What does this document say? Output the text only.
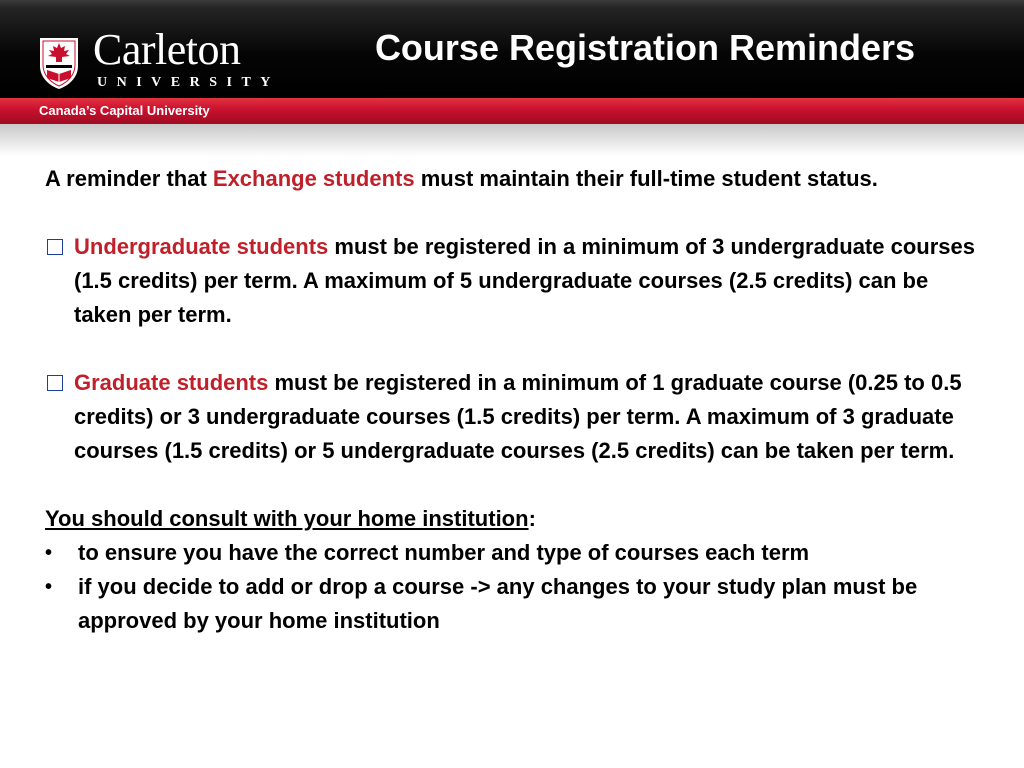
Carleton
UNIVERSITY
Course Registration Reminders
Canada’s Capital University

A reminder that Exchange students must maintain their full-time student status.

Undergraduate students must be registered in a minimum of 3 undergraduate courses (1.5 credits) per term. A maximum of 5 undergraduate courses (2.5 credits) can be taken per term.
Graduate students must be registered in a minimum of 1 graduate course (0.25 to 0.5 credits) or 3 undergraduate courses (1.5 credits) per term. A maximum of 3 graduate courses (1.5 credits) or 5 undergraduate courses (2.5 credits) can be taken per term.

You should consult with your home institution:

• to ensure you have the correct number and type of courses each term
• if you decide to add or drop a course -> any changes to your study plan must be approved by your home institution
